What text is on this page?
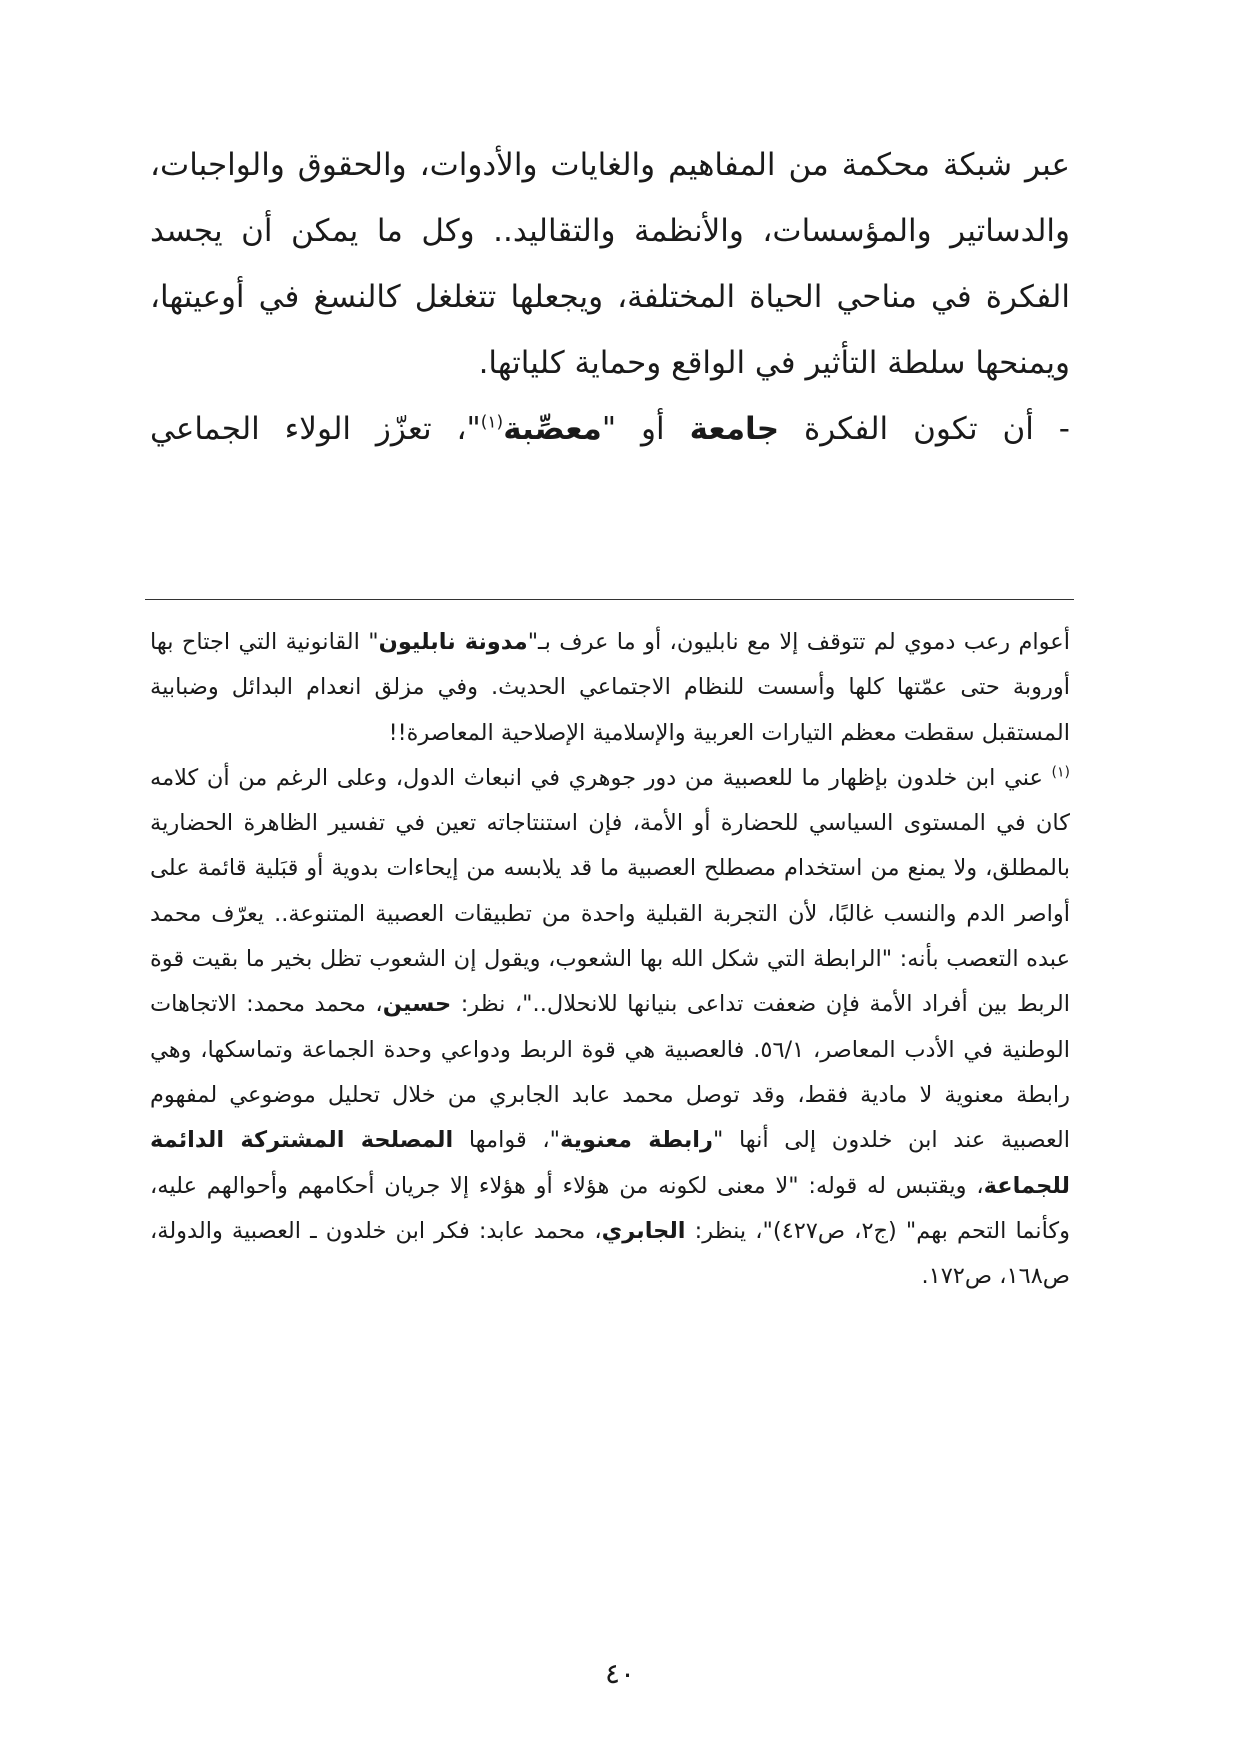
عبر شبكة محكمة من المفاهيم والغايات والأدوات، والحقوق والواجبات، والدساتير والمؤسسات، والأنظمة والتقاليد.. وكل ما يمكن أن يجسد الفكرة في مناحي الحياة المختلفة، ويجعلها تتغلغل كالنسغ في أوعيتها، ويمنحها سلطة التأثير في الواقع وحماية كلياتها.

- أن تكون الفكرة جامعة أو "معصِّبة$^{(١)}$"، تعزّز الولاء الجماعي

أعوام رعب دموي لم تتوقف إلا مع نابليون، أو ما عرف بـ"مدونة نابليون" القانونية التي اجتاح بها أوروبة حتى عمّتها كلها وأسست للنظام الاجتماعي الحديث. وفي مزلق انعدام البدائل وضبابية المستقبل سقطت معظم التيارات العربية والإسلامية الإصلاحية المعاصرة!!

$^{(١)}$ عني ابن خلدون بإظهار ما للعصبية من دور جوهري في انبعاث الدول، وعلى الرغم من أن كلامه كان في المستوى السياسي للحضارة أو الأمة، فإن استنتاجاته تعين في تفسير الظاهرة الحضارية بالمطلق، ولا يمنع من استخدام مصطلح العصبية ما قد يلابسه من إيحاءات بدوية أو قبَلية قائمة على أواصر الدم والنسب غالبًا، لأن التجربة القبلية واحدة من تطبيقات العصبية المتنوعة.. يعرّف محمد عبده التعصب بأنه: "الرابطة التي شكل الله بها الشعوب، ويقول إن الشعوب تظل بخير ما بقيت قوة الربط بين أفراد الأمة فإن ضعفت تداعى بنيانها للانحلال.."، نظر: حسين، محمد محمد: الاتجاهات الوطنية في الأدب المعاصر، ٥٦/١. فالعصبية هي قوة الربط ودواعي وحدة الجماعة وتماسكها، وهي رابطة معنوية لا مادية فقط، وقد توصل محمد عابد الجابري من خلال تحليل موضوعي لمفهوم العصبية عند ابن خلدون إلى أنها "رابطة معنوية"، قوامها المصلحة المشتركة الدائمة للجماعة، ويقتبس له قوله: "لا معنى لكونه من هؤلاء أو هؤلاء إلا جريان أحكامهم وأحوالهم عليه، وكأنما التحم بهم" (ج٢، ص٤٢٧)"، ينظر: الجابري، محمد عابد: فكر ابن خلدون ـ العصبية والدولة، ص١٦٨، ص١٧٢.

٤٠
